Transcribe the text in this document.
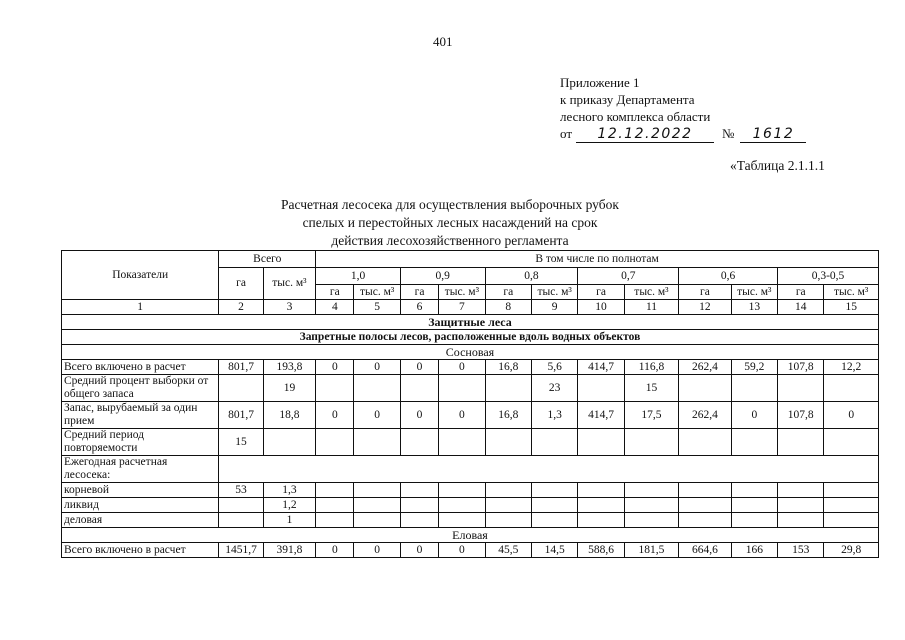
401
Приложение 1
к приказу Департамента
лесного комплекса области
от	12.12.2022	№	1612
«Таблица 2.1.1.1
Расчетная лесосека для осуществления выборочных рубок
спелых и перестойных лесных насаждений на срок
действия лесохозяйственного регламента
Показатели	Всего		В том числе по полнотам											
	га	тыс. м³	1,0		0,9		0,8		0,7		0,6		0,3-0,5	
			га	тыс. м³	га	тыс. м³	га	тыс. м³	га	тыс. м³	га	тыс. м³	га	тыс. м³
1	2	3	4	5	6	7	8	9	10	11	12	13	14	15
Защитные леса														
Запретные полосы лесов, расположенные вдоль водных объектов														
Сосновая														
Всего включено в расчет	801,7	193,8	0	0	0	0	16,8	5,6	414,7	116,8	262,4	59,2	107,8	12,2
Средний процент выборки от общего запаса		19						23		15				
Запас, вырубаемый за один прием	801,7	18,8	0	0	0	0	16,8	1,3	414,7	17,5	262,4	0	107,8	0
Средний период повторяемости	15													
Ежегодная расчетная лесосека:														
корневой	53	1,3												
ликвид		1,2												
деловая		1												
Еловая														
Всего включено в расчет	1451,7	391,8	0	0	0	0	45,5	14,5	588,6	181,5	664,6	166	153	29,8
